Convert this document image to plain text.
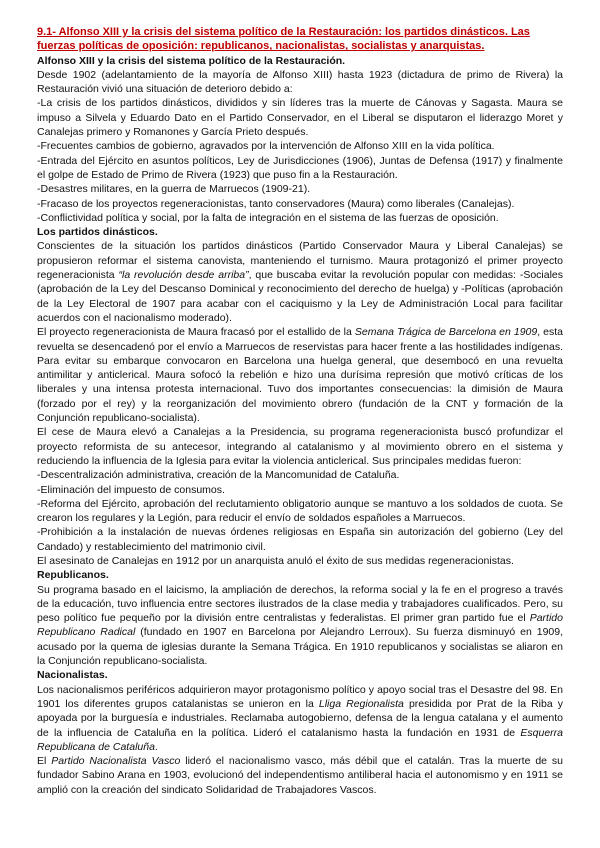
9.1- Alfonso XIII y la crisis del sistema político de la Restauración: los partidos dinásticos. Las fuerzas políticas de oposición: republicanos, nacionalistas, socialistas y anarquistas.

Alfonso XIII y la crisis del sistema político de la Restauración.

Desde 1902 (adelantamiento de la mayoría de Alfonso XIII) hasta 1923 (dictadura de primo de Rivera) la Restauración vivió una situación de deterioro debido a:

-La crisis de los partidos dinásticos, divididos y sin líderes tras la muerte de Cánovas y Sagasta. Maura se impuso a Silvela y Eduardo Dato en el Partido Conservador, en el Liberal se disputaron el liderazgo Moret y Canalejas primero y Romanones y García Prieto después.

-Frecuentes cambios de gobierno, agravados por la intervención de Alfonso XIII en la vida política.

-Entrada del Ejército en asuntos políticos, Ley de Jurisdicciones (1906), Juntas de Defensa (1917) y finalmente el golpe de Estado de Primo de Rivera (1923) que puso fin a la Restauración.

-Desastres militares, en la guerra de Marruecos (1909-21).

-Fracaso de los proyectos regeneracionistas, tanto conservadores (Maura) como liberales (Canalejas).

-Conflictividad política y social, por la falta de integración en el sistema de las fuerzas de oposición.

Los partidos dinásticos.

Conscientes de la situación los partidos dinásticos (Partido Conservador Maura y Liberal Canalejas) se propusieron reformar el sistema canovista, manteniendo el turnismo. Maura protagonizó el primer proyecto regeneracionista “la revolución desde arriba”, que buscaba evitar la revolución popular con medidas: -Sociales (aprobación de la Ley del Descanso Dominical y reconocimiento del derecho de huelga) y -Políticas (aprobación de la Ley Electoral de 1907 para acabar con el caciquismo y la Ley de Administración Local para facilitar acuerdos con el nacionalismo moderado).

El proyecto regeneracionista de Maura fracasó por el estallido de la Semana Trágica de Barcelona en 1909, esta revuelta se desencadenó por el envío a Marruecos de reservistas para hacer frente a las hostilidades indígenas. Para evitar su embarque convocaron en Barcelona una huelga general, que desembocó en una revuelta antimilitar y anticlerical. Maura sofocó la rebelión e hizo una durísima represión que motivó críticas de los liberales y una intensa protesta internacional. Tuvo dos importantes consecuencias: la dimisión de Maura (forzado por el rey) y la reorganización del movimiento obrero (fundación de la CNT y formación de la Conjunción republicano-socialista).

El cese de Maura elevó a Canalejas a la Presidencia, su programa regeneracionista buscó profundizar el proyecto reformista de su antecesor, integrando al catalanismo y al movimiento obrero en el sistema y reduciendo la influencia de la Iglesia para evitar la violencia anticlerical. Sus principales medidas fueron:

-Descentralización administrativa, creación de la Mancomunidad de Cataluña.

-Eliminación del impuesto de consumos.

-Reforma del Ejército, aprobación del reclutamiento obligatorio aunque se mantuvo a los soldados de cuota. Se crearon los regulares y la Legión, para reducir el envío de soldados españoles a Marruecos.

-Prohibición a la instalación de nuevas órdenes religiosas en España sin autorización del gobierno (Ley del Candado) y restablecimiento del matrimonio civil.

El asesinato de Canalejas en 1912 por un anarquista anuló el éxito de sus medidas regeneracionistas.

Republicanos.

Su programa basado en el laicismo, la ampliación de derechos, la reforma social y la fe en el progreso a través de la educación, tuvo influencia entre sectores ilustrados de la clase media y trabajadores cualificados. Pero, su peso político fue pequeño por la división entre centralistas y federalistas. El primer gran partido fue el Partido Republicano Radical (fundado en 1907 en Barcelona por Alejandro Lerroux). Su fuerza disminuyó en 1909, acusado por la quema de iglesias durante la Semana Trágica. En 1910 republicanos y socialistas se aliaron en la Conjunción republicano-socialista.

Nacionalistas.

Los nacionalismos periféricos adquirieron mayor protagonismo político y apoyo social tras el Desastre del 98. En 1901 los diferentes grupos catalanistas se unieron en la Lliga Regionalista presidida por Prat de la Riba y apoyada por la burguesía e industriales. Reclamaba autogobierno, defensa de la lengua catalana y el aumento de la influencia de Cataluña en la política. Lideró el catalanismo hasta la fundación en 1931 de Esquerra Republicana de Cataluña.

El Partido Nacionalista Vasco lideró el nacionalismo vasco, más débil que el catalán. Tras la muerte de su fundador Sabino Arana en 1903, evolucionó del independentismo antiliberal hacia el autonomismo y en 1911 se amplió con la creación del sindicato Solidaridad de Trabajadores Vascos.
